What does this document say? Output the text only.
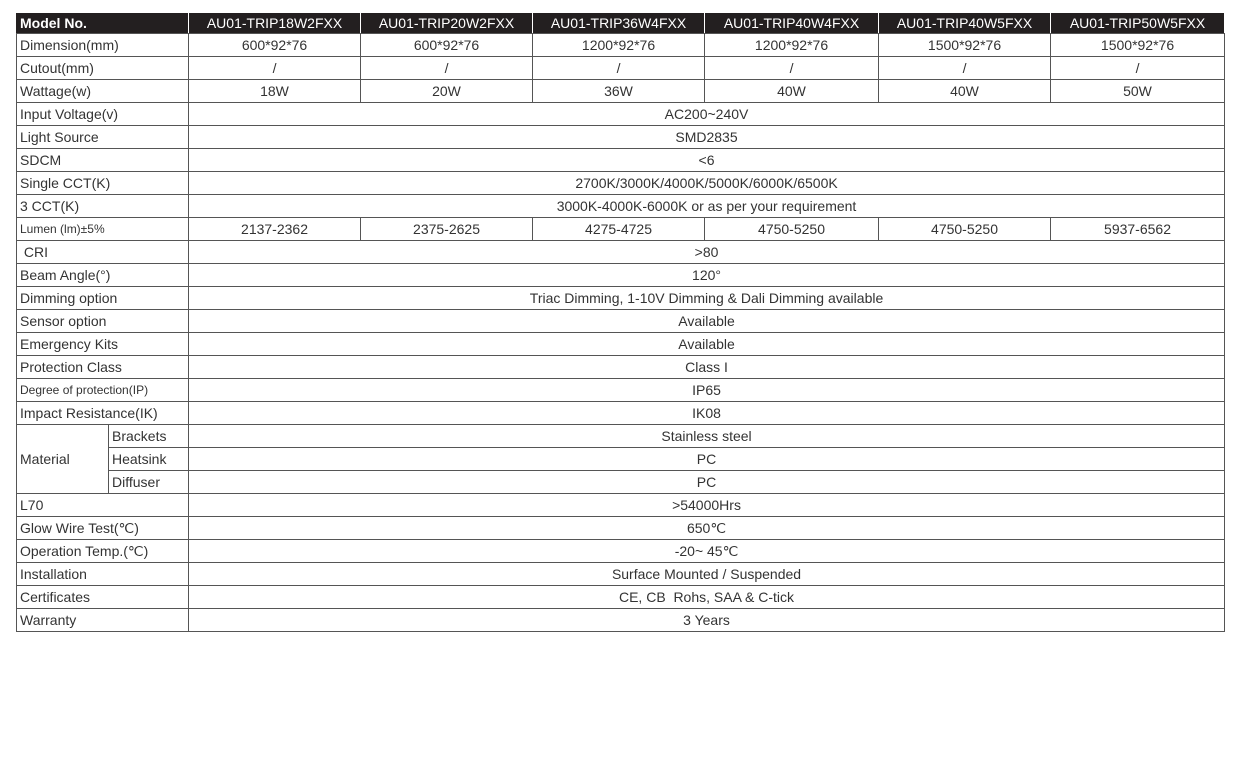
Model No.		AU01-TRIP18W2FXX	AU01-TRIP20W2FXX	AU01-TRIP36W4FXX	AU01-TRIP40W4FXX	AU01-TRIP40W5FXX	AU01-TRIP50W5FXX
Dimension(mm)		600*92*76	600*92*76	1200*92*76	1200*92*76	1500*92*76	1500*92*76
Cutout(mm)		/	/	/	/	/	/
Wattage(w)		18W	20W	36W	40W	40W	50W
Input Voltage(v)		AC200~240V					
Light Source		SMD2835					
SDCM		<6					
Single CCT(K)		2700K/3000K/4000K/5000K/6000K/6500K					
3 CCT(K)		3000K-4000K-6000K or as per your requirement					
Lumen (lm)±5%		2137-2362	2375-2625	4275-4725	4750-5250	4750-5250	5937-6562
CRI		>80					
Beam Angle(°)		120°					
Dimming option		Triac Dimming, 1-10V Dimming & Dali Dimming available					
Sensor option		Available					
Emergency Kits		Available					
Protection Class		Class I					
Degree of protection(IP)		IP65					
Impact Resistance(IK)		IK08					
Material	Brackets	Stainless steel					
	Heatsink	PC					
	Diffuser	PC					
L70		>54000Hrs					
Glow Wire Test(℃)		650℃					
Operation Temp.(℃)		-20~ 45℃					
Installation		Surface Mounted / Suspended					
Certificates		CE, CB  Rohs, SAA & C-tick					
Warranty		3 Years					
